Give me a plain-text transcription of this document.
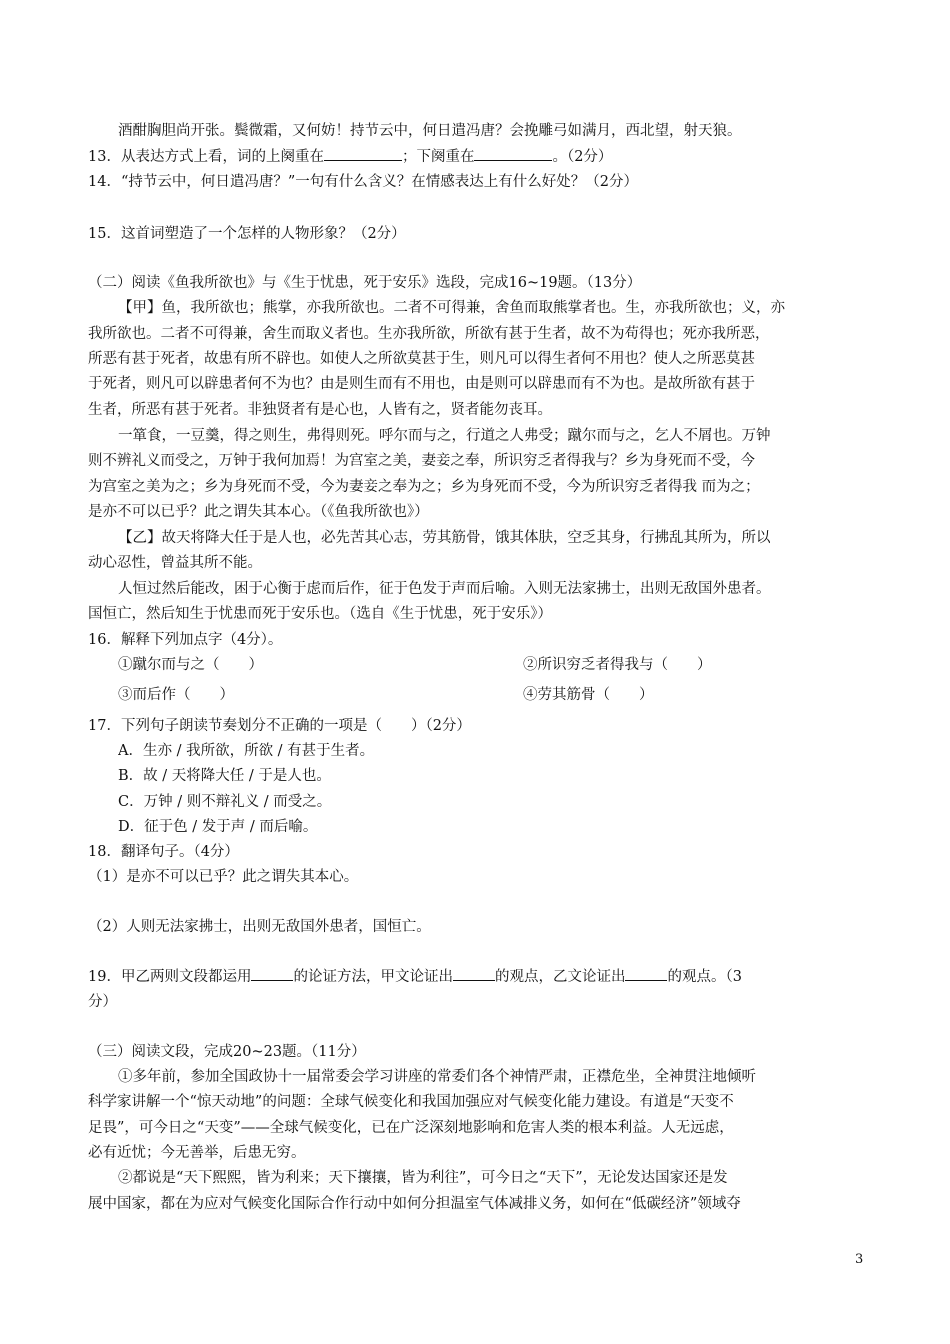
酒酣胸胆尚开张。鬓微霜，又何妨！持节云中，何日遣冯唐？会挽雕弓如满月，西北望，射天狼。
13．从表达方式上看，词的上阕重在	；下阕重在	。（2分）
14．“持节云中，何日遣冯唐？”一句有什么含义？在情感表达上有什么好处？（2分）
15．这首词塑造了一个怎样的人物形象？（2分）
（二）阅读《鱼我所欲也》与《生于忧患，死于安乐》选段，完成16~19题。（13分）
【甲】鱼，我所欲也；熊掌，亦我所欲也。二者不可得兼，舍鱼而取熊掌者也。生，亦我所欲也；义，亦
我所欲也。二者不可得兼，舍生而取义者也。生亦我所欲，所欲有甚于生者，故不为苟得也；死亦我所恶，
所恶有甚于死者，故患有所不辟也。如使人之所欲莫甚于生，则凡可以得生者何不用也？使人之所恶莫甚
于死者，则凡可以辟患者何不为也？由是则生而有不用也，由是则可以辟患而有不为也。是故所欲有甚于
生者，所恶有甚于死者。非独贤者有是心也，人皆有之，贤者能勿丧耳。
一箪食，一豆羹，得之则生，弗得则死。呼尔而与之，行道之人弗受；蹴尔而与之，乞人不屑也。万钟
则不辨礼义而受之，万钟于我何加焉！为宫室之美，妻妾之奉，所识穷乏者得我与？乡为身死而不受，今
为宫室之美为之；乡为身死而不受，今为妻妾之奉为之；乡为身死而不受，今为所识穷乏者得我 而为之；
是亦不可以已乎？此之谓失其本心。（《鱼我所欲也》）
【乙】故天将降大任于是人也，必先苦其心志，劳其筋骨，饿其体肤，空乏其身，行拂乱其所为，所以
动心忍性，曾益其所不能。
人恒过然后能改，困于心衡于虑而后作，征于色发于声而后喻。入则无法家拂士，出则无敌国外患者。
国恒亡，然后知生于忧患而死于安乐也。（选自《生于忧患，死于安乐》）
16．解释下列加点字（4分）。
①蹴尔而与之（　　）	②所识穷乏者得我与（　　）
③而后作（　　）	④劳其筋骨（　　）
17．下列句子朗读节奏划分不正确的一项是（　　）（2分）
A．生亦 / 我所欲，所欲 / 有甚于生者。
B．故 / 天将降大任 / 于是人也。
C．万钟 / 则不辩礼义 / 而受之。
D．征于色 / 发于声 / 而后喻。
18．翻译句子。（4分）
（1）是亦不可以已乎？此之谓失其本心。
（2）人则无法家拂士，出则无敌国外患者，国恒亡。
19．甲乙两则文段都运用	的论证方法，甲文论证出	的观点，乙文论证出	的观点。（3
分）
（三）阅读文段，完成20~23题。（11分）
①多年前，参加全国政协十一届常委会学习讲座的常委们各个神情严肃，正襟危坐，全神贯注地倾听
科学家讲解一个“惊天动地”的问题：全球气候变化和我国加强应对气候变化能力建设。有道是“天变不
足畏”，可今日之“天变”——全球气候变化，已在广泛深刻地影响和危害人类的根本利益。人无远虑，
必有近忧；今无善举，后患无穷。
②都说是“天下熙熙，皆为利来；天下攘攘，皆为利往”，可今日之“天下”，无论发达国家还是发
展中国家，都在为应对气候变化国际合作行动中如何分担温室气体减排义务，如何在“低碳经济”领域夺
3
